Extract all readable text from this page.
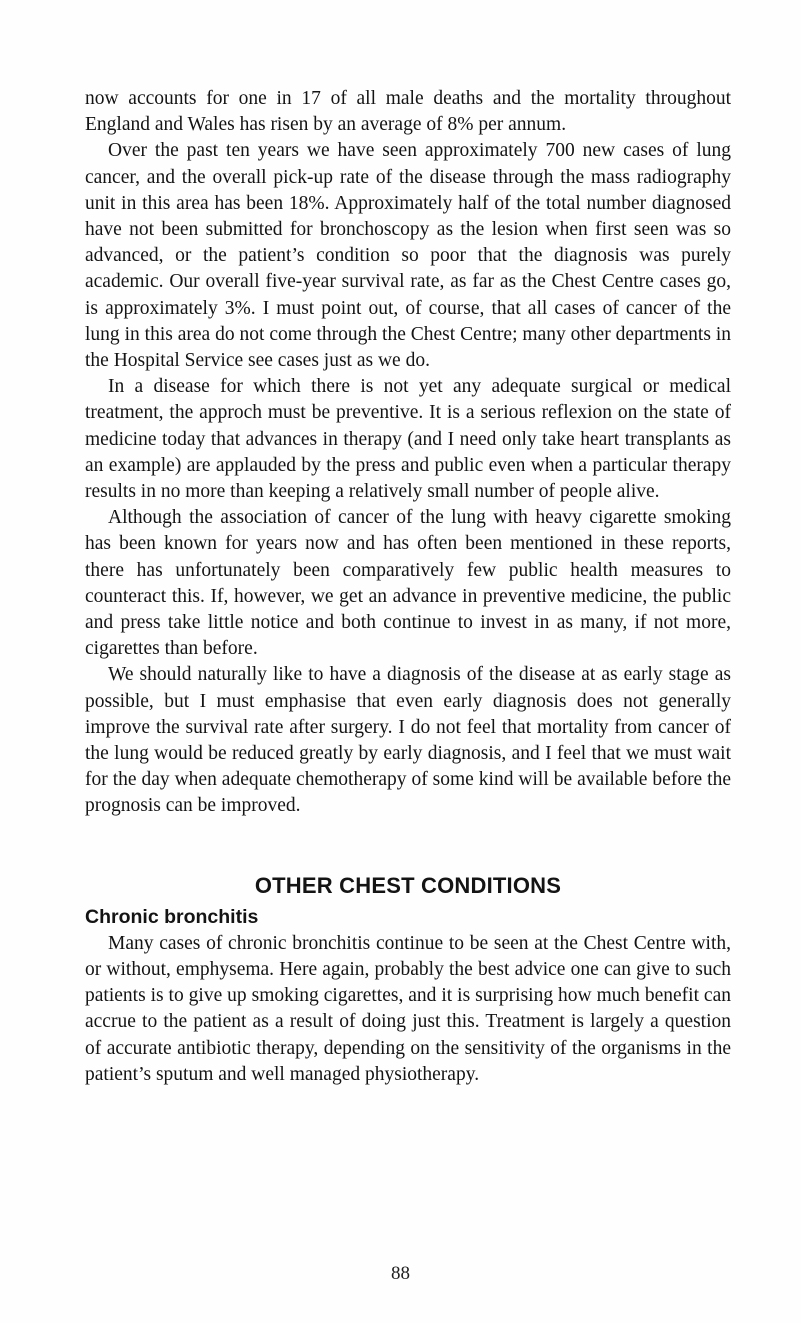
now accounts for one in 17 of all male deaths and the mortality throughout England and Wales has risen by an average of 8% per annum.

Over the past ten years we have seen approximately 700 new cases of lung cancer, and the overall pick-up rate of the disease through the mass radiography unit in this area has been 18%. Approximately half of the total number diagnosed have not been submitted for bronchoscopy as the lesion when first seen was so advanced, or the patient’s condition so poor that the diagnosis was purely academic. Our overall five-year survival rate, as far as the Chest Centre cases go, is approximately 3%. I must point out, of course, that all cases of cancer of the lung in this area do not come through the Chest Centre; many other departments in the Hospital Service see cases just as we do.

In a disease for which there is not yet any adequate surgical or medical treatment, the approch must be preventive. It is a serious reflexion on the state of medicine today that advances in therapy (and I need only take heart transplants as an example) are applauded by the press and public even when a particular therapy results in no more than keeping a relatively small number of people alive.

Although the association of cancer of the lung with heavy cigarette smoking has been known for years now and has often been mentioned in these reports, there has unfortunately been comparatively few public health measures to counteract this. If, however, we get an advance in preventive medicine, the public and press take little notice and both continue to invest in as many, if not more, cigarettes than before.

We should naturally like to have a diagnosis of the disease at as early stage as possible, but I must emphasise that even early diagnosis does not generally improve the survival rate after surgery. I do not feel that mortality from cancer of the lung would be reduced greatly by early diagnosis, and I feel that we must wait for the day when adequate chemotherapy of some kind will be available before the prognosis can be improved.

OTHER CHEST CONDITIONS
Chronic bronchitis

Many cases of chronic bronchitis continue to be seen at the Chest Centre with, or without, emphysema. Here again, probably the best advice one can give to such patients is to give up smoking cigarettes, and it is surprising how much benefit can accrue to the patient as a result of doing just this. Treatment is largely a question of accurate antibiotic therapy, depending on the sensitivity of the organisms in the patient’s sputum and well managed physiotherapy.

88
